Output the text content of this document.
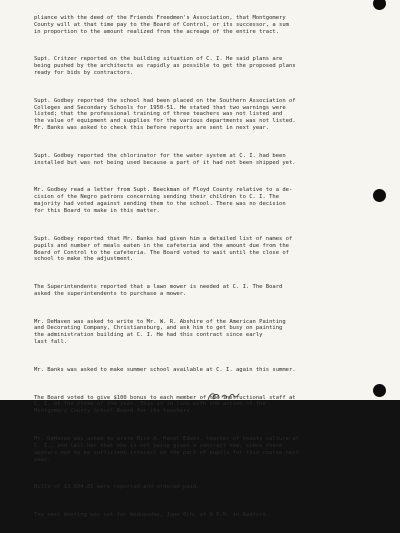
pliance with the deed of the Friends Freedmen's Association, that Montgomery
County will at that time pay to the Board of Control, or its successor, a sum
in proportion to the amount realized from the acreage of the entire tract.

Supt. Critzer reported on the building situation of C. I. He said plans are
being pushed by the architects as rapidly as possible to get the proposed plans
ready for bids by contractors.

Supt. Godbey reported the school had been placed on the Southern Association of
Colleges and Secondary Schools for 1950-51. He stated that two warnings were
listed; that the professional training of three teachers was not listed and
the value of equipment and supplies for the various departments was not listed.
Mr. Banks was asked to check this before reports are sent in next year.

Supt. Godbey reported the chlorinator for the water system at C. I. had been
installed but was not being used because a part of it had not been shipped yet.

Mr. Godbey read a letter from Supt. Beeckman of Floyd County relative to a de-
cision of the Negro patrons concerning sending their children to C. I. The
majority had voted against sending them to the school. There was no decision
for this Board to make in this matter.

Supt. Godbey reported that Mr. Banks had given him a detailed list of names of
pupils and number of meals eaten in the cafeteria and the amount due from the
Board of Control to the cafeteria. The Board voted to wait until the close of
school to make the adjustment.

The Superintendents reported that a lawn mower is needed at C. I. The Board
asked the superintendents to purchase a mower.

Mr. DeHaven was asked to write to Mr. W. R. Abshire of the American Painting
and Decorating Company, Christiansburg, and ask him to get busy on painting
the administration building at C. I. He had this contract since early
last fall.

Mr. Banks was asked to make summer school available at C. I. again this summer.

The Board voted to give $100 bonus to each member of the instructional staff at
C. I. at the close of the year. This is in line with the action of the
Montgomery County School Board for its teachers.

Mr. DeHaven was asked to write Miss A. Hazel Edwin, teacher of beauty culture at
C. I., and tell her that she is not being given a contract now, since there
appears not to be sufficient interest on the part of pupils for this course next
year.

Bills of $3,604.85 were reported and ordered paid.

The next meeting was set for Wednesday, June 6th, at 8 P.M. in Radford.
